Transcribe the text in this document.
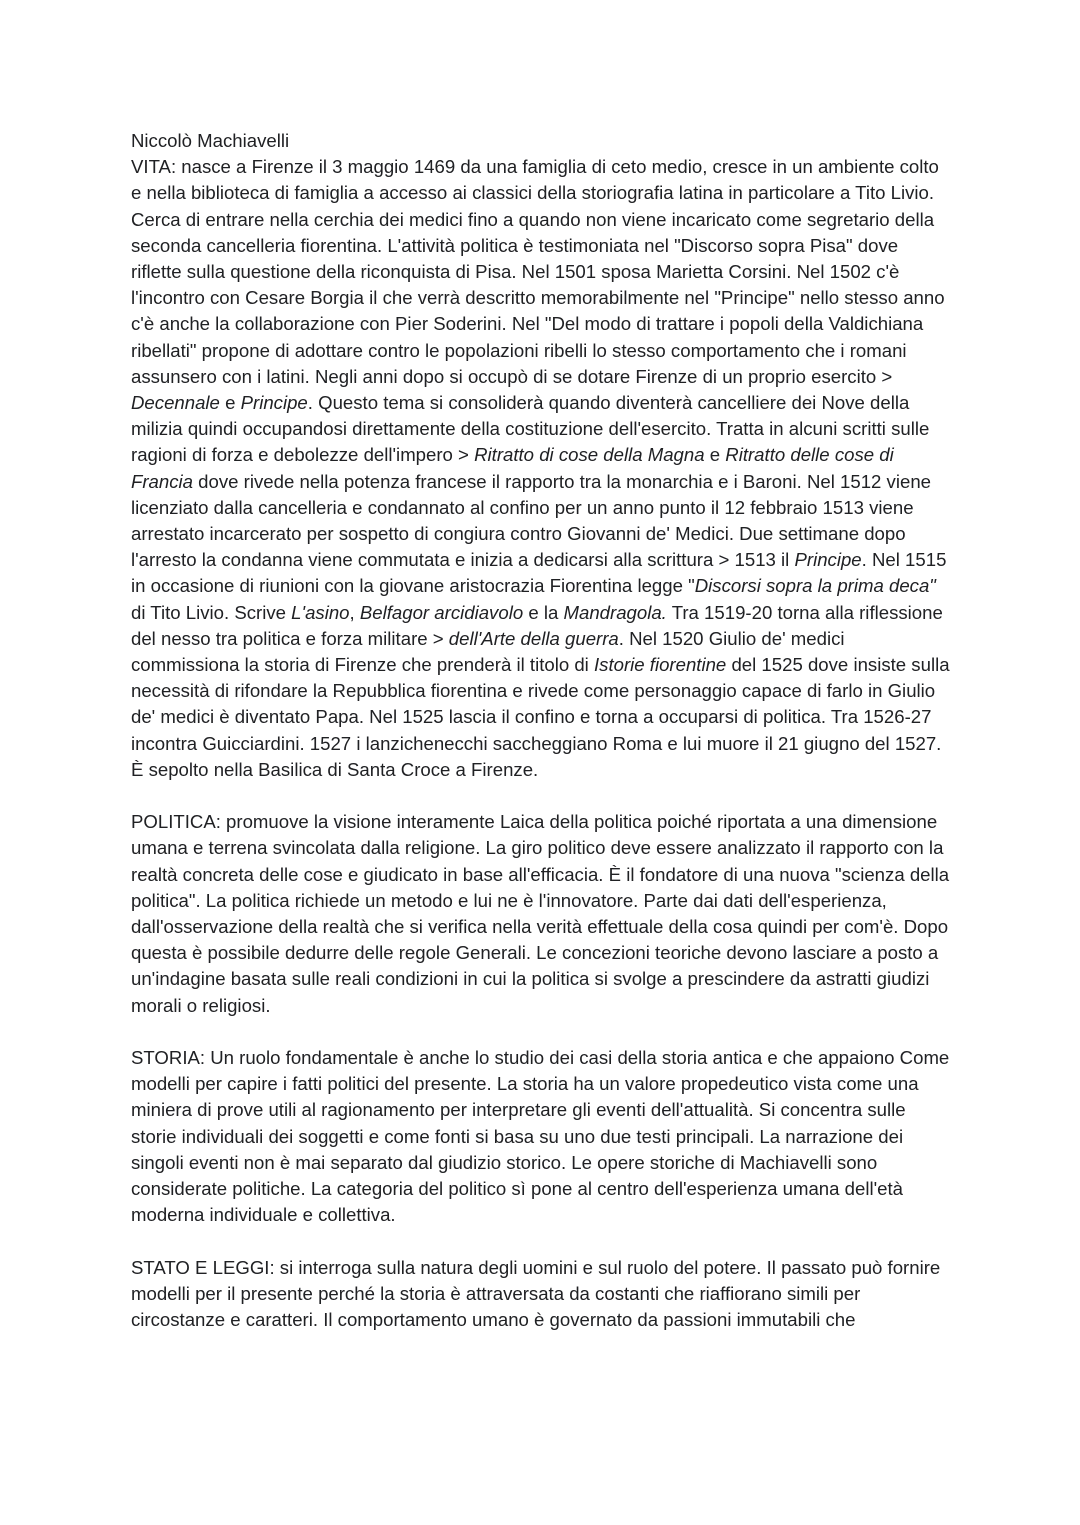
Niccolò Machiavelli

VITA: nasce a Firenze il 3 maggio 1469 da una famiglia di ceto medio, cresce in un ambiente colto e nella biblioteca di famiglia a accesso ai classici della storiografia latina in particolare a Tito Livio. Cerca di entrare nella cerchia dei medici fino a quando non viene incaricato come segretario della seconda cancelleria fiorentina. L'attività politica è testimoniata nel "Discorso sopra Pisa" dove riflette sulla questione della riconquista di Pisa. Nel 1501 sposa Marietta Corsini. Nel 1502 c'è l'incontro con Cesare Borgia il che verrà descritto memorabilmente nel "Principe" nello stesso anno c'è anche la collaborazione con Pier Soderini. Nel "Del modo di trattare i popoli della Valdichiana ribellati" propone di adottare contro le popolazioni ribelli lo stesso comportamento che i romani assunsero con i latini. Negli anni dopo si occupò di se dotare Firenze di un proprio esercito > Decennale e Principe. Questo tema si consoliderà quando diventerà cancelliere dei Nove della milizia quindi occupandosi direttamente della costituzione dell'esercito. Tratta in alcuni scritti sulle ragioni di forza e debolezze dell'impero > Ritratto di cose della Magna e Ritratto delle cose di Francia dove rivede nella potenza francese il rapporto tra la monarchia e i Baroni. Nel 1512 viene licenziato dalla cancelleria e condannato al confino per un anno punto il 12 febbraio 1513 viene arrestato incarcerato per sospetto di congiura contro Giovanni de' Medici. Due settimane dopo l'arresto la condanna viene commutata e inizia a dedicarsi alla scrittura > 1513 il Principe. Nel 1515 in occasione di riunioni con la giovane aristocrazia Fiorentina legge "Discorsi sopra la prima deca" di Tito Livio. Scrive L'asino, Belfagor arcidiavolo e la Mandragola. Tra 1519-20 torna alla riflessione del nesso tra politica e forza militare > dell'Arte della guerra. Nel 1520 Giulio de' medici commissiona la storia di Firenze che prenderà il titolo di Istorie fiorentine del 1525 dove insiste sulla necessità di rifondare la Repubblica fiorentina e rivede come personaggio capace di farlo in Giulio de' medici è diventato Papa. Nel 1525 lascia il confino e torna a occuparsi di politica. Tra 1526-27 incontra Guicciardini. 1527 i lanzichenecchi saccheggiano Roma e lui muore il 21 giugno del 1527. È sepolto nella Basilica di Santa Croce a Firenze.

POLITICA: promuove la visione interamente Laica della politica poiché riportata a una dimensione umana e terrena svincolata dalla religione. La giro politico deve essere analizzato il rapporto con la realtà concreta delle cose e giudicato in base all'efficacia. È il fondatore di una nuova "scienza della politica". La politica richiede un metodo e lui ne è l'innovatore. Parte dai dati dell'esperienza, dall'osservazione della realtà che si verifica nella verità effettuale della cosa quindi per com'è. Dopo questa è possibile dedurre delle regole Generali. Le concezioni teoriche devono lasciare a posto a un'indagine basata sulle reali condizioni in cui la politica si svolge a prescindere da astratti giudizi morali o religiosi.

STORIA: Un ruolo fondamentale è anche lo studio dei casi della storia antica e che appaiono Come modelli per capire i fatti politici del presente. La storia ha un valore propedeutico vista come una miniera di prove utili al ragionamento per interpretare gli eventi dell'attualità. Si concentra sulle storie individuali dei soggetti e come fonti si basa su uno due testi principali. La narrazione dei singoli eventi non è mai separato dal giudizio storico. Le opere storiche di Machiavelli sono considerate politiche. La categoria del politico sì pone al centro dell'esperienza umana dell'età moderna individuale e collettiva.

STATO E LEGGI: si interroga sulla natura degli uomini e sul ruolo del potere. Il passato può fornire modelli per il presente perché la storia è attraversata da costanti che riaffiorano simili per circostanze e caratteri. Il comportamento umano è governato da passioni immutabili che
